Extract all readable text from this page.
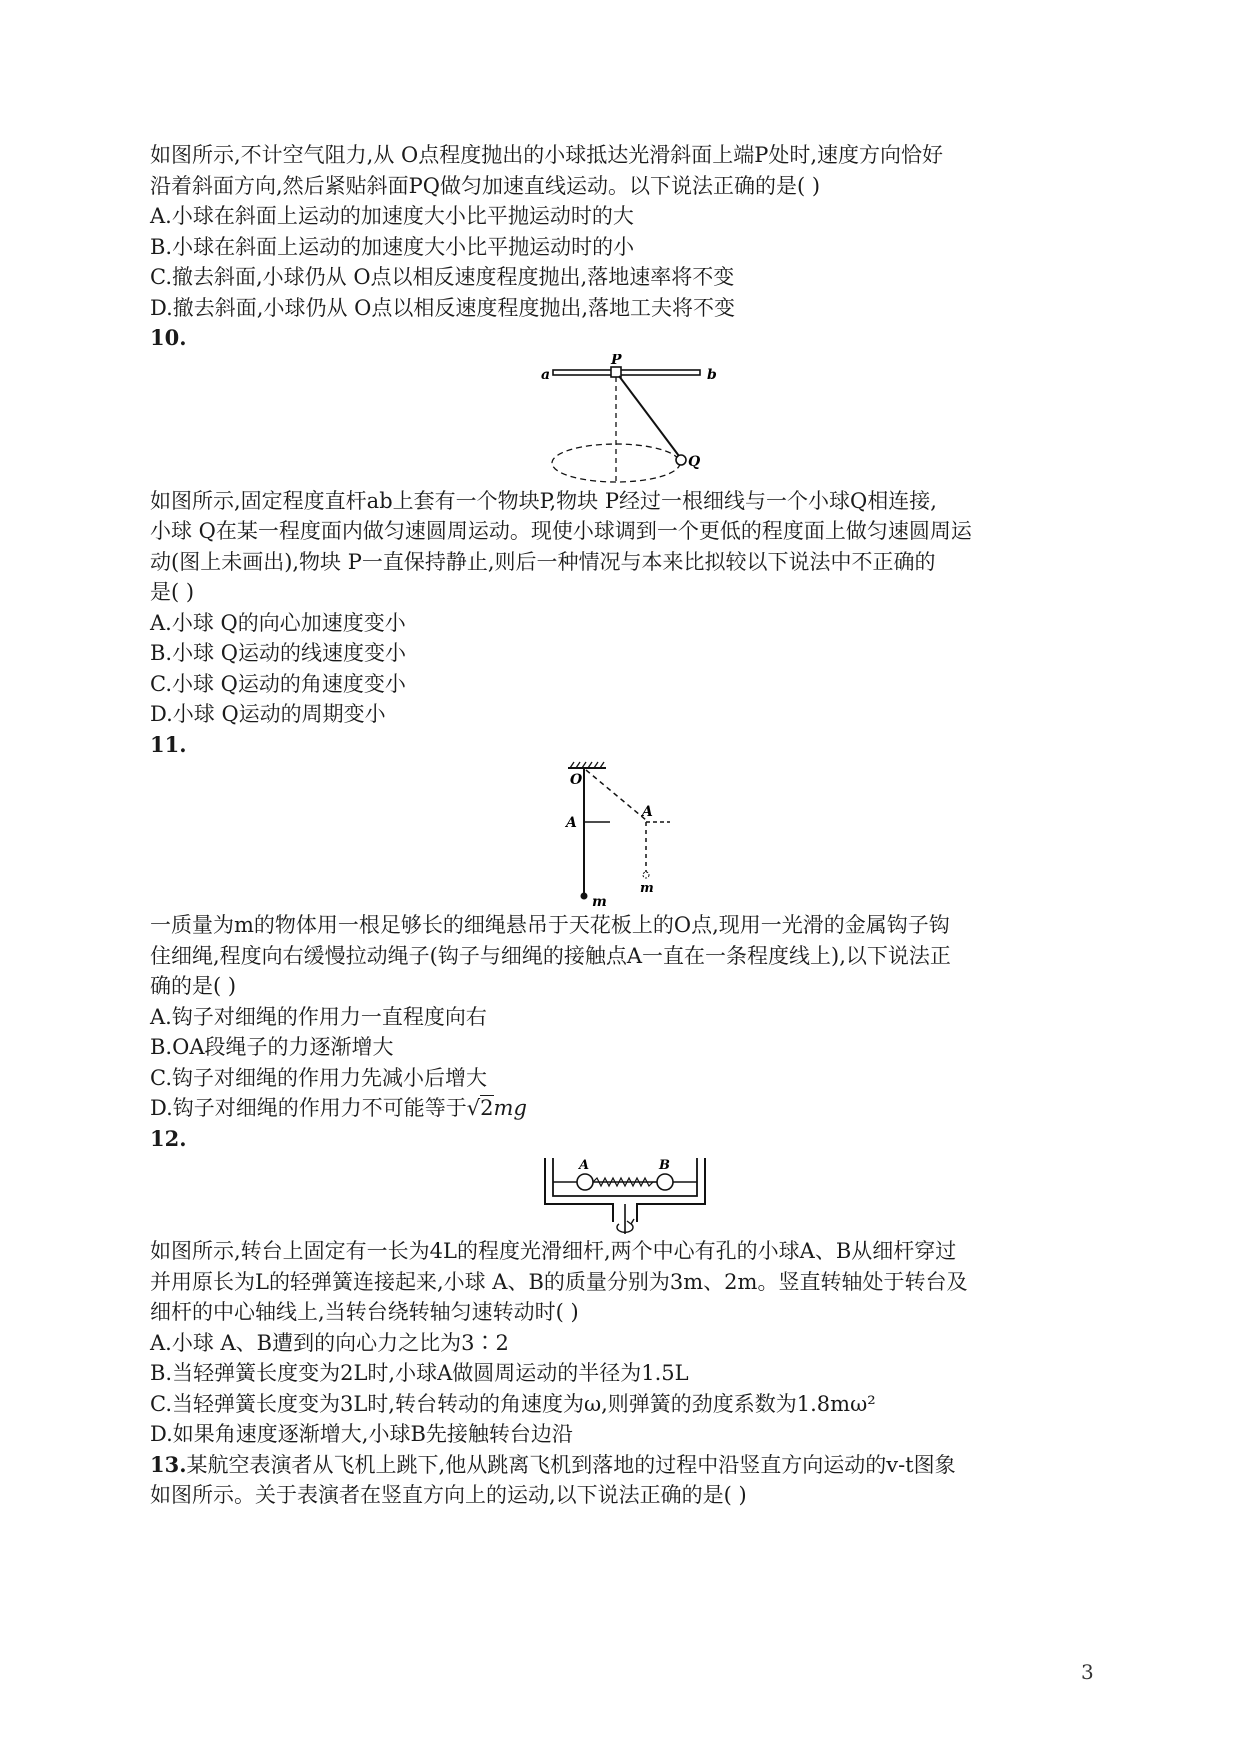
如图所示,不计空气阻力,从 O点程度抛出的小球抵达光滑斜面上端P处时,速度方向恰好
沿着斜面方向,然后紧贴斜面PQ做匀加速直线运动。以下说法正确的是( )
A.小球在斜面上运动的加速度大小比平抛运动时的大
B.小球在斜面上运动的加速度大小比平抛运动时的小
C.撤去斜面,小球仍从 O点以相反速度程度抛出,落地速率将不变
D.撤去斜面,小球仍从 O点以相反速度程度抛出,落地工夫将不变
10.
a	b
P
Q
如图所示,固定程度直杆ab上套有一个物块P,物块 P经过一根细线与一个小球Q相连接,
小球 Q在某一程度面内做匀速圆周运动。现使小球调到一个更低的程度面上做匀速圆周运
动(图上未画出),物块 P一直保持静止,则后一种情况与本来比拟较以下说法中不正确的
是( )
A.小球 Q的向心加速度变小
B.小球 Q运动的线速度变小
C.小球 Q运动的角速度变小
D.小球 Q运动的周期变小
11.
O
m
A
A
m
一质量为m的物体用一根足够长的细绳悬吊于天花板上的O点,现用一光滑的金属钩子钩
住细绳,程度向右缓慢拉动绳子(钩子与细绳的接触点A一直在一条程度线上),以下说法正
确的是( )
A.钩子对细绳的作用力一直程度向右
B.OA段绳子的力逐渐增大
C.钩子对细绳的作用力先减小后增大
D.钩子对细绳的作用力不可能等于√2mg
12.
A	B
如图所示,转台上固定有一长为4L的程度光滑细杆,两个中心有孔的小球A、B从细杆穿过
并用原长为L的轻弹簧连接起来,小球 A、B的质量分别为3m、2m。竖直转轴处于转台及
细杆的中心轴线上,当转台绕转轴匀速转动时( )
A.小球 A、B遭到的向心力之比为3∶2
B.当轻弹簧长度变为2L时,小球A做圆周运动的半径为1.5L
C.当轻弹簧长度变为3L时,转台转动的角速度为ω,则弹簧的劲度系数为1.8mω²
D.如果角速度逐渐增大,小球B先接触转台边沿
13.某航空表演者从飞机上跳下,他从跳离飞机到落地的过程中沿竖直方向运动的v-t图象
如图所示。关于表演者在竖直方向上的运动,以下说法正确的是( )
3
